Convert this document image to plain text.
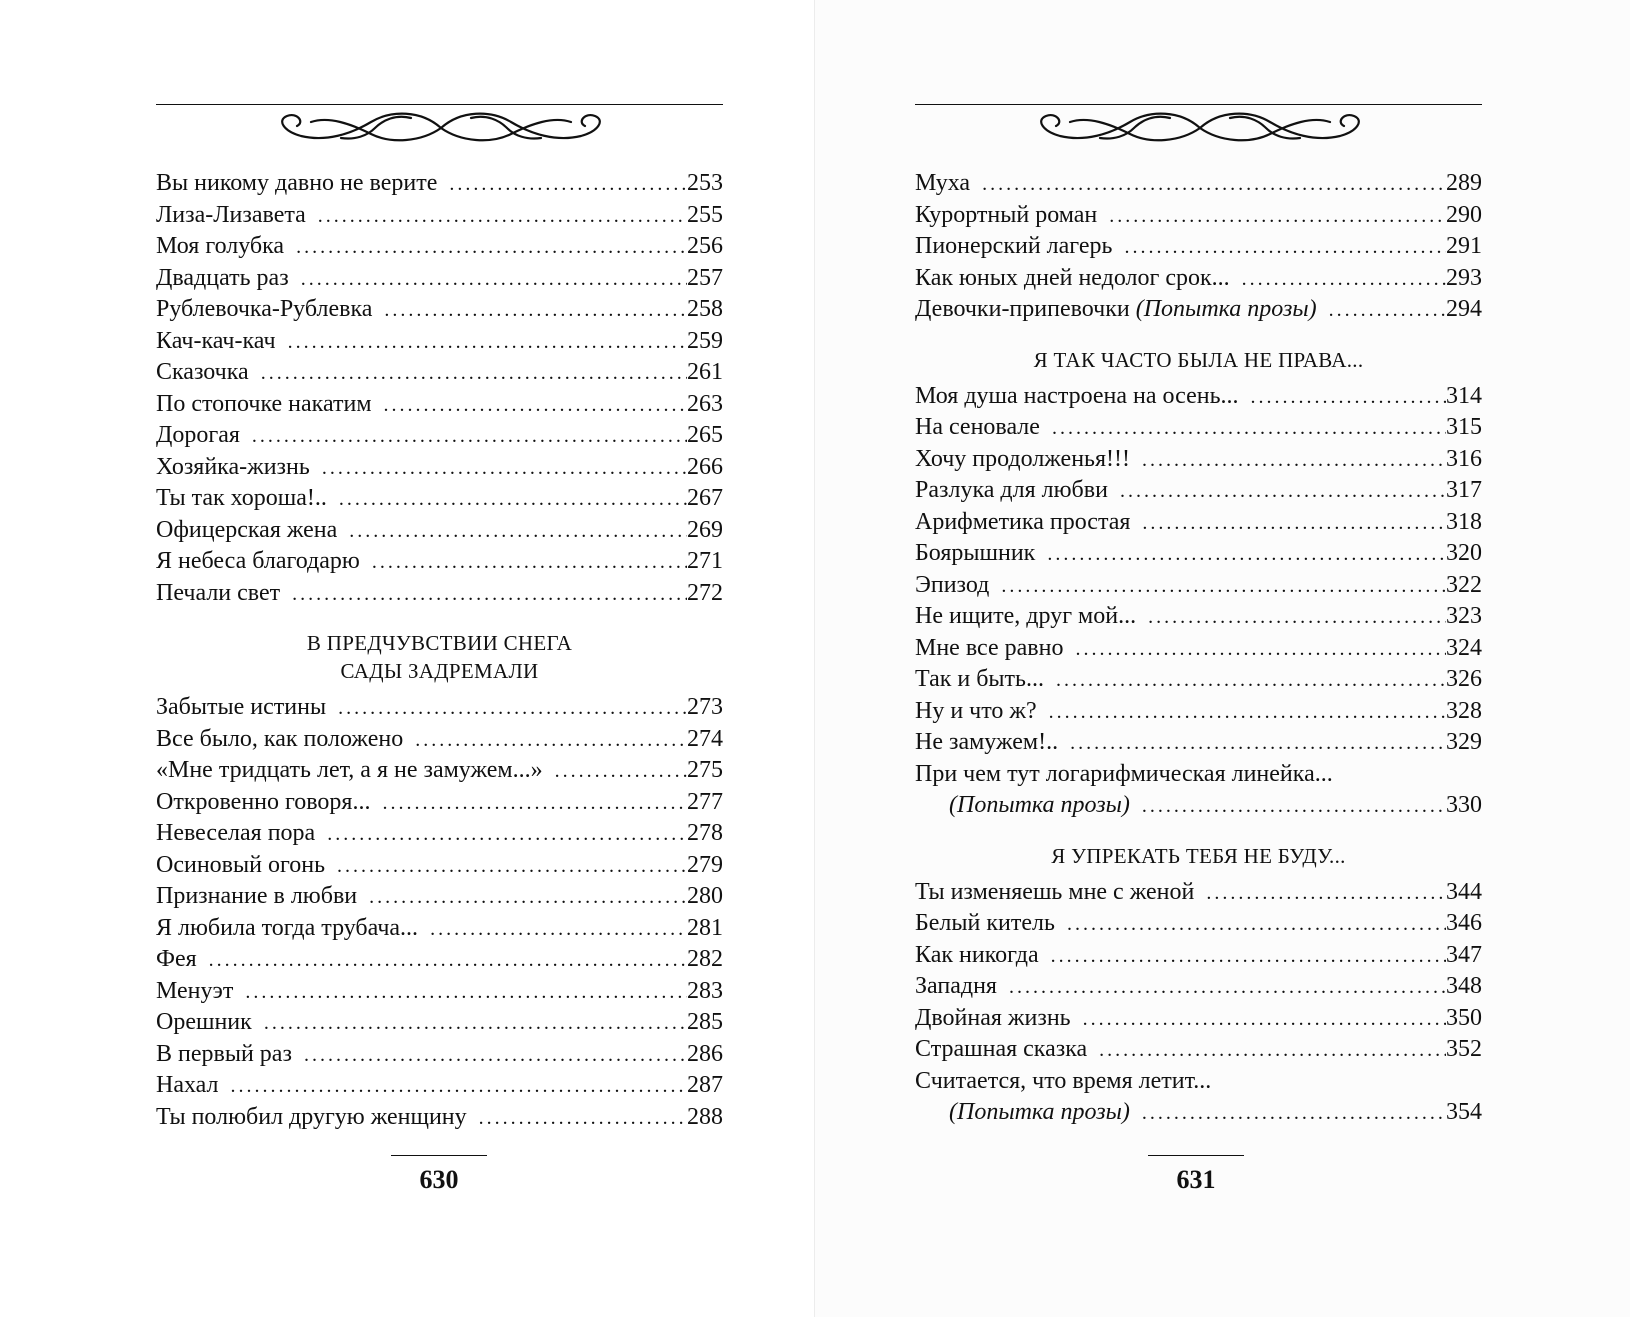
Вы никому давно не верите . . .	253
Лиза-Лизавета . . .	255
Моя голубка . . .	256
Двадцать раз . . .	257
Рублевочка-Рублевка . . .	258
Кач-кач-кач . . .	259
Сказочка . . .	261
По стопочке накатим . . .	263
Дорогая . . .	265
Хозяйка-жизнь . . .	266
Ты так хороша!.. . . .	267
Офицерская жена . . .	269
Я небеса благодарю . . .	271
Печали свет . . .	272
В ПРЕДЧУВСТВИИ СНЕГА
САДЫ ЗАДРЕМАЛИ
Забытые истины . . .	273
Все было, как положено . . .	274
«Мне тридцать лет, а я не замужем...» . . .	275
Откровенно говоря... . . .	277
Невеселая пора . . .	278
Осиновый огонь . . .	279
Признание в любви . . .	280
Я любила тогда трубача... . . .	281
Фея . . .	282
Менуэт . . .	283
Орешник . . .	285
В первый раз . . .	286
Нахал . . .	287
Ты полюбил другую женщину . . .	288
630
Муха . . .	289
Курортный роман . . .	290
Пионерский лагерь . . .	291
Как юных дней недолог срок... . . .	293
Девочки-припевочки (Попытка прозы) . . .	294
Я ТАК ЧАСТО БЫЛА НЕ ПРАВА...
Моя душа настроена на осень... . . .	314
На сеновале . . .	315
Хочу продолженья!!! . . .	316
Разлука для любви . . .	317
Арифметика простая . . .	318
Боярышник . . .	320
Эпизод . . .	322
Не ищите, друг мой... . . .	323
Мне все равно . . .	324
Так и быть... . . .	326
Ну и что ж? . . .	328
Не замужем!.. . . .	329
При чем тут логарифмическая линейка...
(Попытка прозы) . . .	330
Я УПРЕКАТЬ ТЕБЯ НЕ БУДУ...
Ты изменяешь мне с женой . . .	344
Белый китель . . .	346
Как никогда . . .	347
Западня . . .	348
Двойная жизнь . . .	350
Страшная сказка . . .	352
Считается, что время летит...
(Попытка прозы) . . .	354
631
